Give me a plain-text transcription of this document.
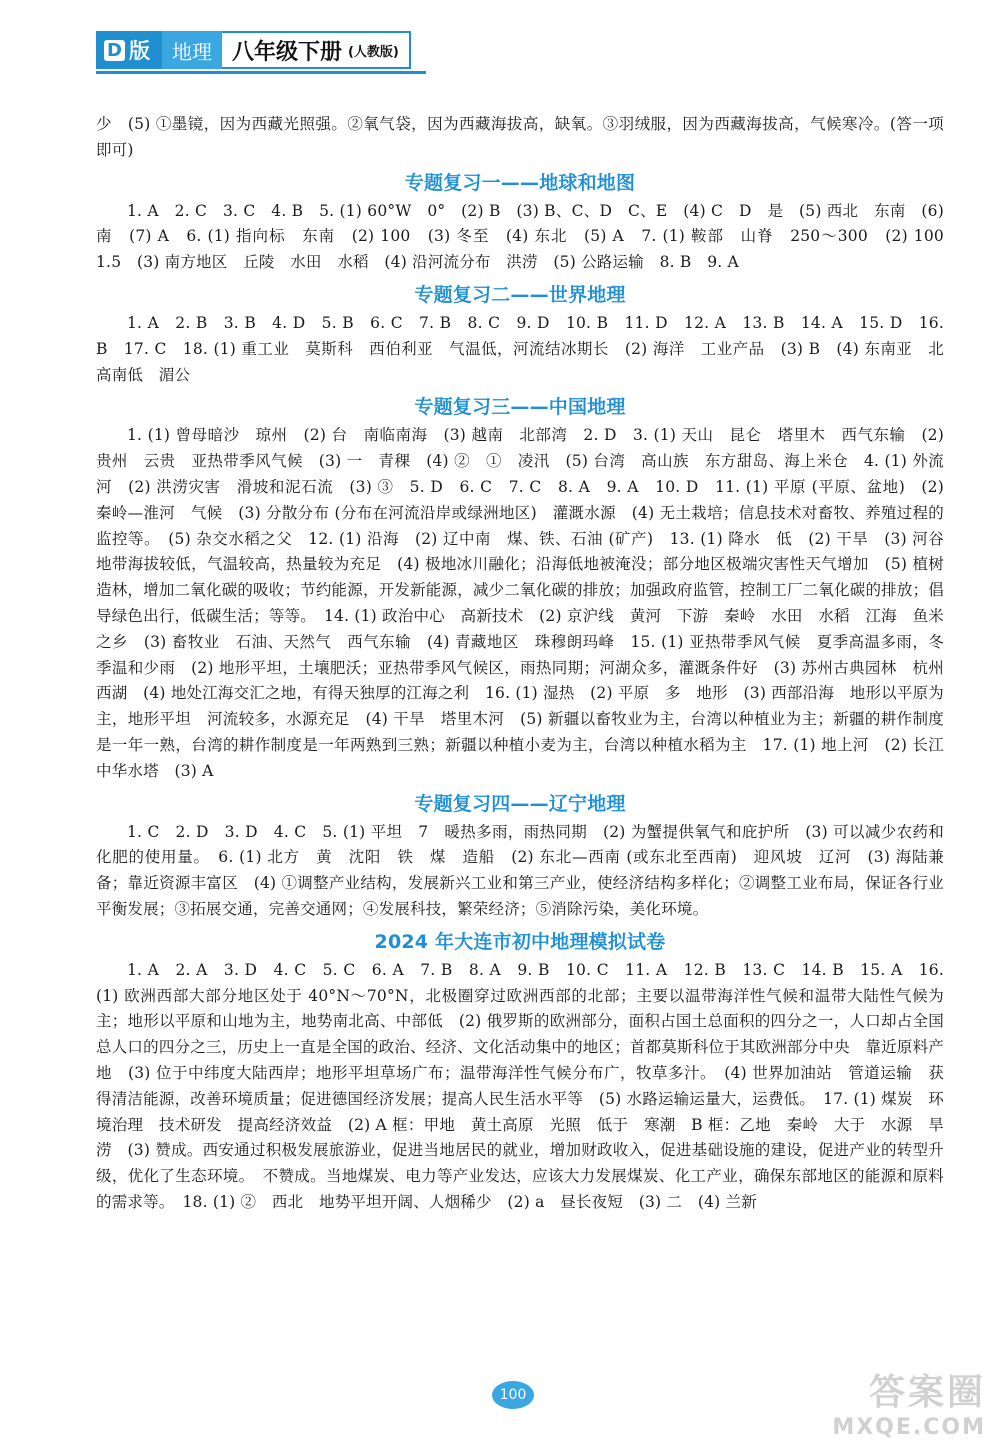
D 版	地理 八年级下册 (人教版)

少　(5) ①墨镜，因为西藏光照强。②氧气袋，因为西藏海拔高，缺氧。③羽绒服，因为西藏海拔高，气候寒冷。(答一项即可)

专题复习一——地球和地图

1. A　2. C　3. C　4. B　5. (1) 60°W　0°　(2) B　(3) B、C、D　C、E　(4) C　D　是　(5) 西北　东南　(6) 南　(7) A　6. (1) 指向标　东南　(2) 100　(3) 冬至　(4) 东北　(5) A　7. (1) 鞍部　山脊　250～300　(2) 100　1.5　(3) 南方地区　丘陵　水田　水稻　(4) 沿河流分布　洪涝　(5) 公路运输　8. B　9. A

专题复习二——世界地理

1. A　2. B　3. B　4. D　5. B　6. C　7. B　8. C　9. D　10. B　11. D　12. A　13. B　14. A　15. D　16. B　17. C　18. (1) 重工业　莫斯科　西伯利亚　气温低，河流结冰期长　(2) 海洋　工业产品　(3) B　(4) 东南亚　北高南低　湄公

专题复习三——中国地理

1. (1) 曾母暗沙　琼州　(2) 台　南临南海　(3) 越南　北部湾　2. D　3. (1) 天山　昆仑　塔里木　西气东输　(2) 贵州　云贵　亚热带季风气候　(3) 一　青稞　(4) ②　①　凌汛　(5) 台湾　高山族　东方甜岛、海上米仓　4. (1) 外流河　(2) 洪涝灾害　滑坡和泥石流　(3) ③　5. D　6. C　7. C　8. A　9. A　10. D　11. (1) 平原 (平原、盆地)　(2) 秦岭—淮河　气候　(3) 分散分布 (分布在河流沿岸或绿洲地区)　灌溉水源　(4) 无土栽培；信息技术对畜牧、养殖过程的监控等。　(5) 杂交水稻之父　12. (1) 沿海　(2) 辽中南　煤、铁、石油 (矿产)　13. (1) 降水　低　(2) 干旱　(3) 河谷地带海拔较低，气温较高，热量较为充足　(4) 极地冰川融化；沿海低地被淹没；部分地区极端灾害性天气增加　(5) 植树造林，增加二氧化碳的吸收；节约能源，开发新能源，减少二氧化碳的排放；加强政府监管，控制工厂二氧化碳的排放；倡导绿色出行，低碳生活；等等。　14. (1) 政治中心　高新技术　(2) 京沪线　黄河　下游　秦岭　水田　水稻　江海　鱼米之乡　(3) 畜牧业　石油、天然气　西气东输　(4) 青藏地区　珠穆朗玛峰　15. (1) 亚热带季风气候　夏季高温多雨，冬季温和少雨　(2) 地形平坦，土壤肥沃；亚热带季风气候区，雨热同期；河湖众多，灌溉条件好　(3) 苏州古典园林　杭州西湖　(4) 地处江海交汇之地，有得天独厚的江海之利　16. (1) 湿热　(2) 平原　多　地形　(3) 西部沿海　地形以平原为主，地形平坦　河流较多，水源充足　(4) 干旱　塔里木河　(5) 新疆以畜牧业为主，台湾以种植业为主；新疆的耕作制度是一年一熟，台湾的耕作制度是一年两熟到三熟；新疆以种植小麦为主，台湾以种植水稻为主　17. (1) 地上河　(2) 长江　中华水塔　(3) A

专题复习四——辽宁地理

1. C　2. D　3. D　4. C　5. (1) 平坦　7　暖热多雨，雨热同期　(2) 为蟹提供氧气和庇护所　(3) 可以减少农药和化肥的使用量。　6. (1) 北方　黄　沈阳　铁　煤　造船　(2) 东北—西南 (或东北至西南)　迎风坡　辽河　(3) 海陆兼备；靠近资源丰富区　(4) ①调整产业结构，发展新兴工业和第三产业，使经济结构多样化；②调整工业布局，保证各行业平衡发展；③拓展交通，完善交通网；④发展科技，繁荣经济；⑤消除污染，美化环境。

2024 年大连市初中地理模拟试卷

1. A　2. A　3. D　4. C　5. C　6. A　7. B　8. A　9. B　10. C　11. A　12. B　13. C　14. B　15. A　16. (1) 欧洲西部大部分地区处于 40°N～70°N，北极圈穿过欧洲西部的北部；主要以温带海洋性气候和温带大陆性气候为主；地形以平原和山地为主，地势南北高、中部低　(2) 俄罗斯的欧洲部分，面积占国土总面积的四分之一，人口却占全国总人口的四分之三，历史上一直是全国的政治、经济、文化活动集中的地区；首都莫斯科位于其欧洲部分中央　靠近原料产地　(3) 位于中纬度大陆西岸；地形平坦草场广布；温带海洋性气候分布广，牧草多汁。　(4) 世界加油站　管道运输　获得清洁能源，改善环境质量；促进德国经济发展；提高人民生活水平等　(5) 水路运输运量大，运费低。　17. (1) 煤炭　环境治理　技术研发　提高经济效益　(2) A 框：甲地　黄土高原　光照　低于　寒潮　B 框：乙地　秦岭　大于　水源　旱涝　(3) 赞成。西安通过积极发展旅游业，促进当地居民的就业，增加财政收入，促进基础设施的建设，促进产业的转型升级，优化了生态环境。　不赞成。当地煤炭、电力等产业发达，应该大力发展煤炭、化工产业，确保东部地区的能源和原料的需求等。　18. (1) ②　西北　地势平坦开阔、人烟稀少　(2) a　昼长夜短　(3) 二　(4) 兰新

100	答案圈
MXQE.COM
